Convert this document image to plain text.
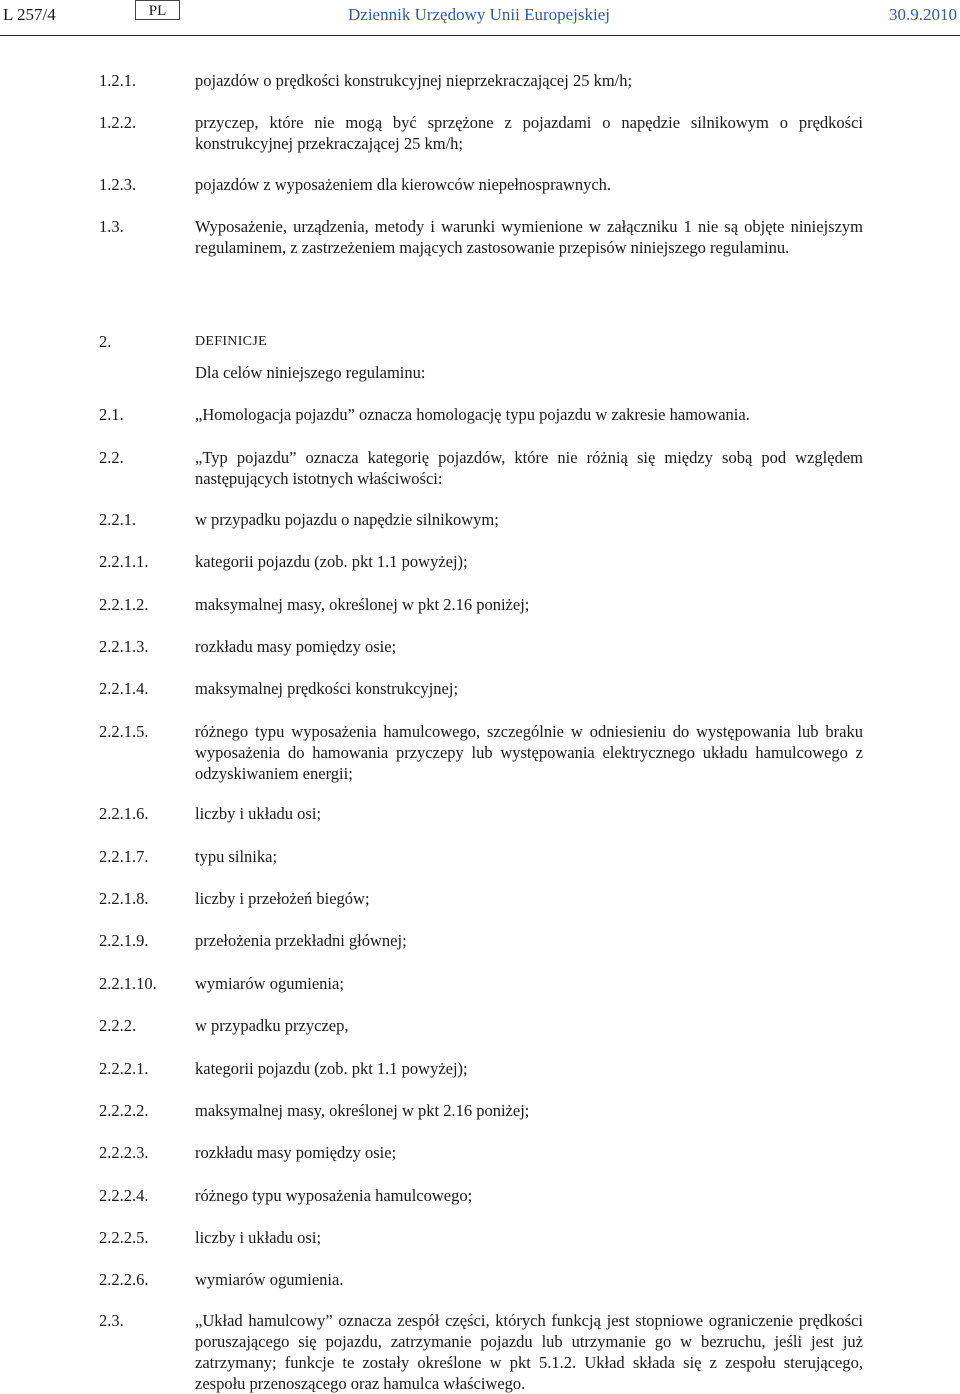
L 257/4	PL	Dziennik Urzędowy Unii Europejskiej	30.9.2010
1.2.1.	pojazdów o prędkości konstrukcyjnej nieprzekraczającej 25 km/h;
1.2.2.	przyczep, które nie mogą być sprzężone z pojazdami o napędzie silnikowym o prędkości konstrukcyjnej przekraczającej 25 km/h;
1.2.3.	pojazdów z wyposażeniem dla kierowców niepełnosprawnych.
1.3.	Wyposażenie, urządzenia, metody i warunki wymienione w załączniku 1 nie są objęte niniejszym regulaminem, z zastrzeżeniem mających zastosowanie przepisów niniejszego regulaminu.
2.	DEFINICJE
Dla celów niniejszego regulaminu:
2.1.	„Homologacja pojazdu” oznacza homologację typu pojazdu w zakresie hamowania.
2.2.	„Typ pojazdu” oznacza kategorię pojazdów, które nie różnią się między sobą pod względem następujących istotnych właściwości:
2.2.1.	w przypadku pojazdu o napędzie silnikowym;
2.2.1.1.	kategorii pojazdu (zob. pkt 1.1 powyżej);
2.2.1.2.	maksymalnej masy, określonej w pkt 2.16 poniżej;
2.2.1.3.	rozkładu masy pomiędzy osie;
2.2.1.4.	maksymalnej prędkości konstrukcyjnej;
2.2.1.5.	różnego typu wyposażenia hamulcowego, szczególnie w odniesieniu do występowania lub braku wyposażenia do hamowania przyczepy lub występowania elektrycznego układu hamulcowego z odzyskiwaniem energii;
2.2.1.6.	liczby i układu osi;
2.2.1.7.	typu silnika;
2.2.1.8.	liczby i przełożeń biegów;
2.2.1.9.	przełożenia przekładni głównej;
2.2.1.10. wymiarów ogumienia;
2.2.2.	w przypadku przyczep,
2.2.2.1.	kategorii pojazdu (zob. pkt 1.1 powyżej);
2.2.2.2.	maksymalnej masy, określonej w pkt 2.16 poniżej;
2.2.2.3.	rozkładu masy pomiędzy osie;
2.2.2.4.	różnego typu wyposażenia hamulcowego;
2.2.2.5.	liczby i układu osi;
2.2.2.6.	wymiarów ogumienia.
2.3.	„Układ hamulcowy” oznacza zespół części, których funkcją jest stopniowe ograniczenie prędkości poruszającego się pojazdu, zatrzymanie pojazdu lub utrzymanie go w bezruchu, jeśli jest już zatrzymany; funkcje te zostały określone w pkt 5.1.2. Układ składa się z zespołu sterującego, zespołu przenoszącego oraz hamulca właściwego.
